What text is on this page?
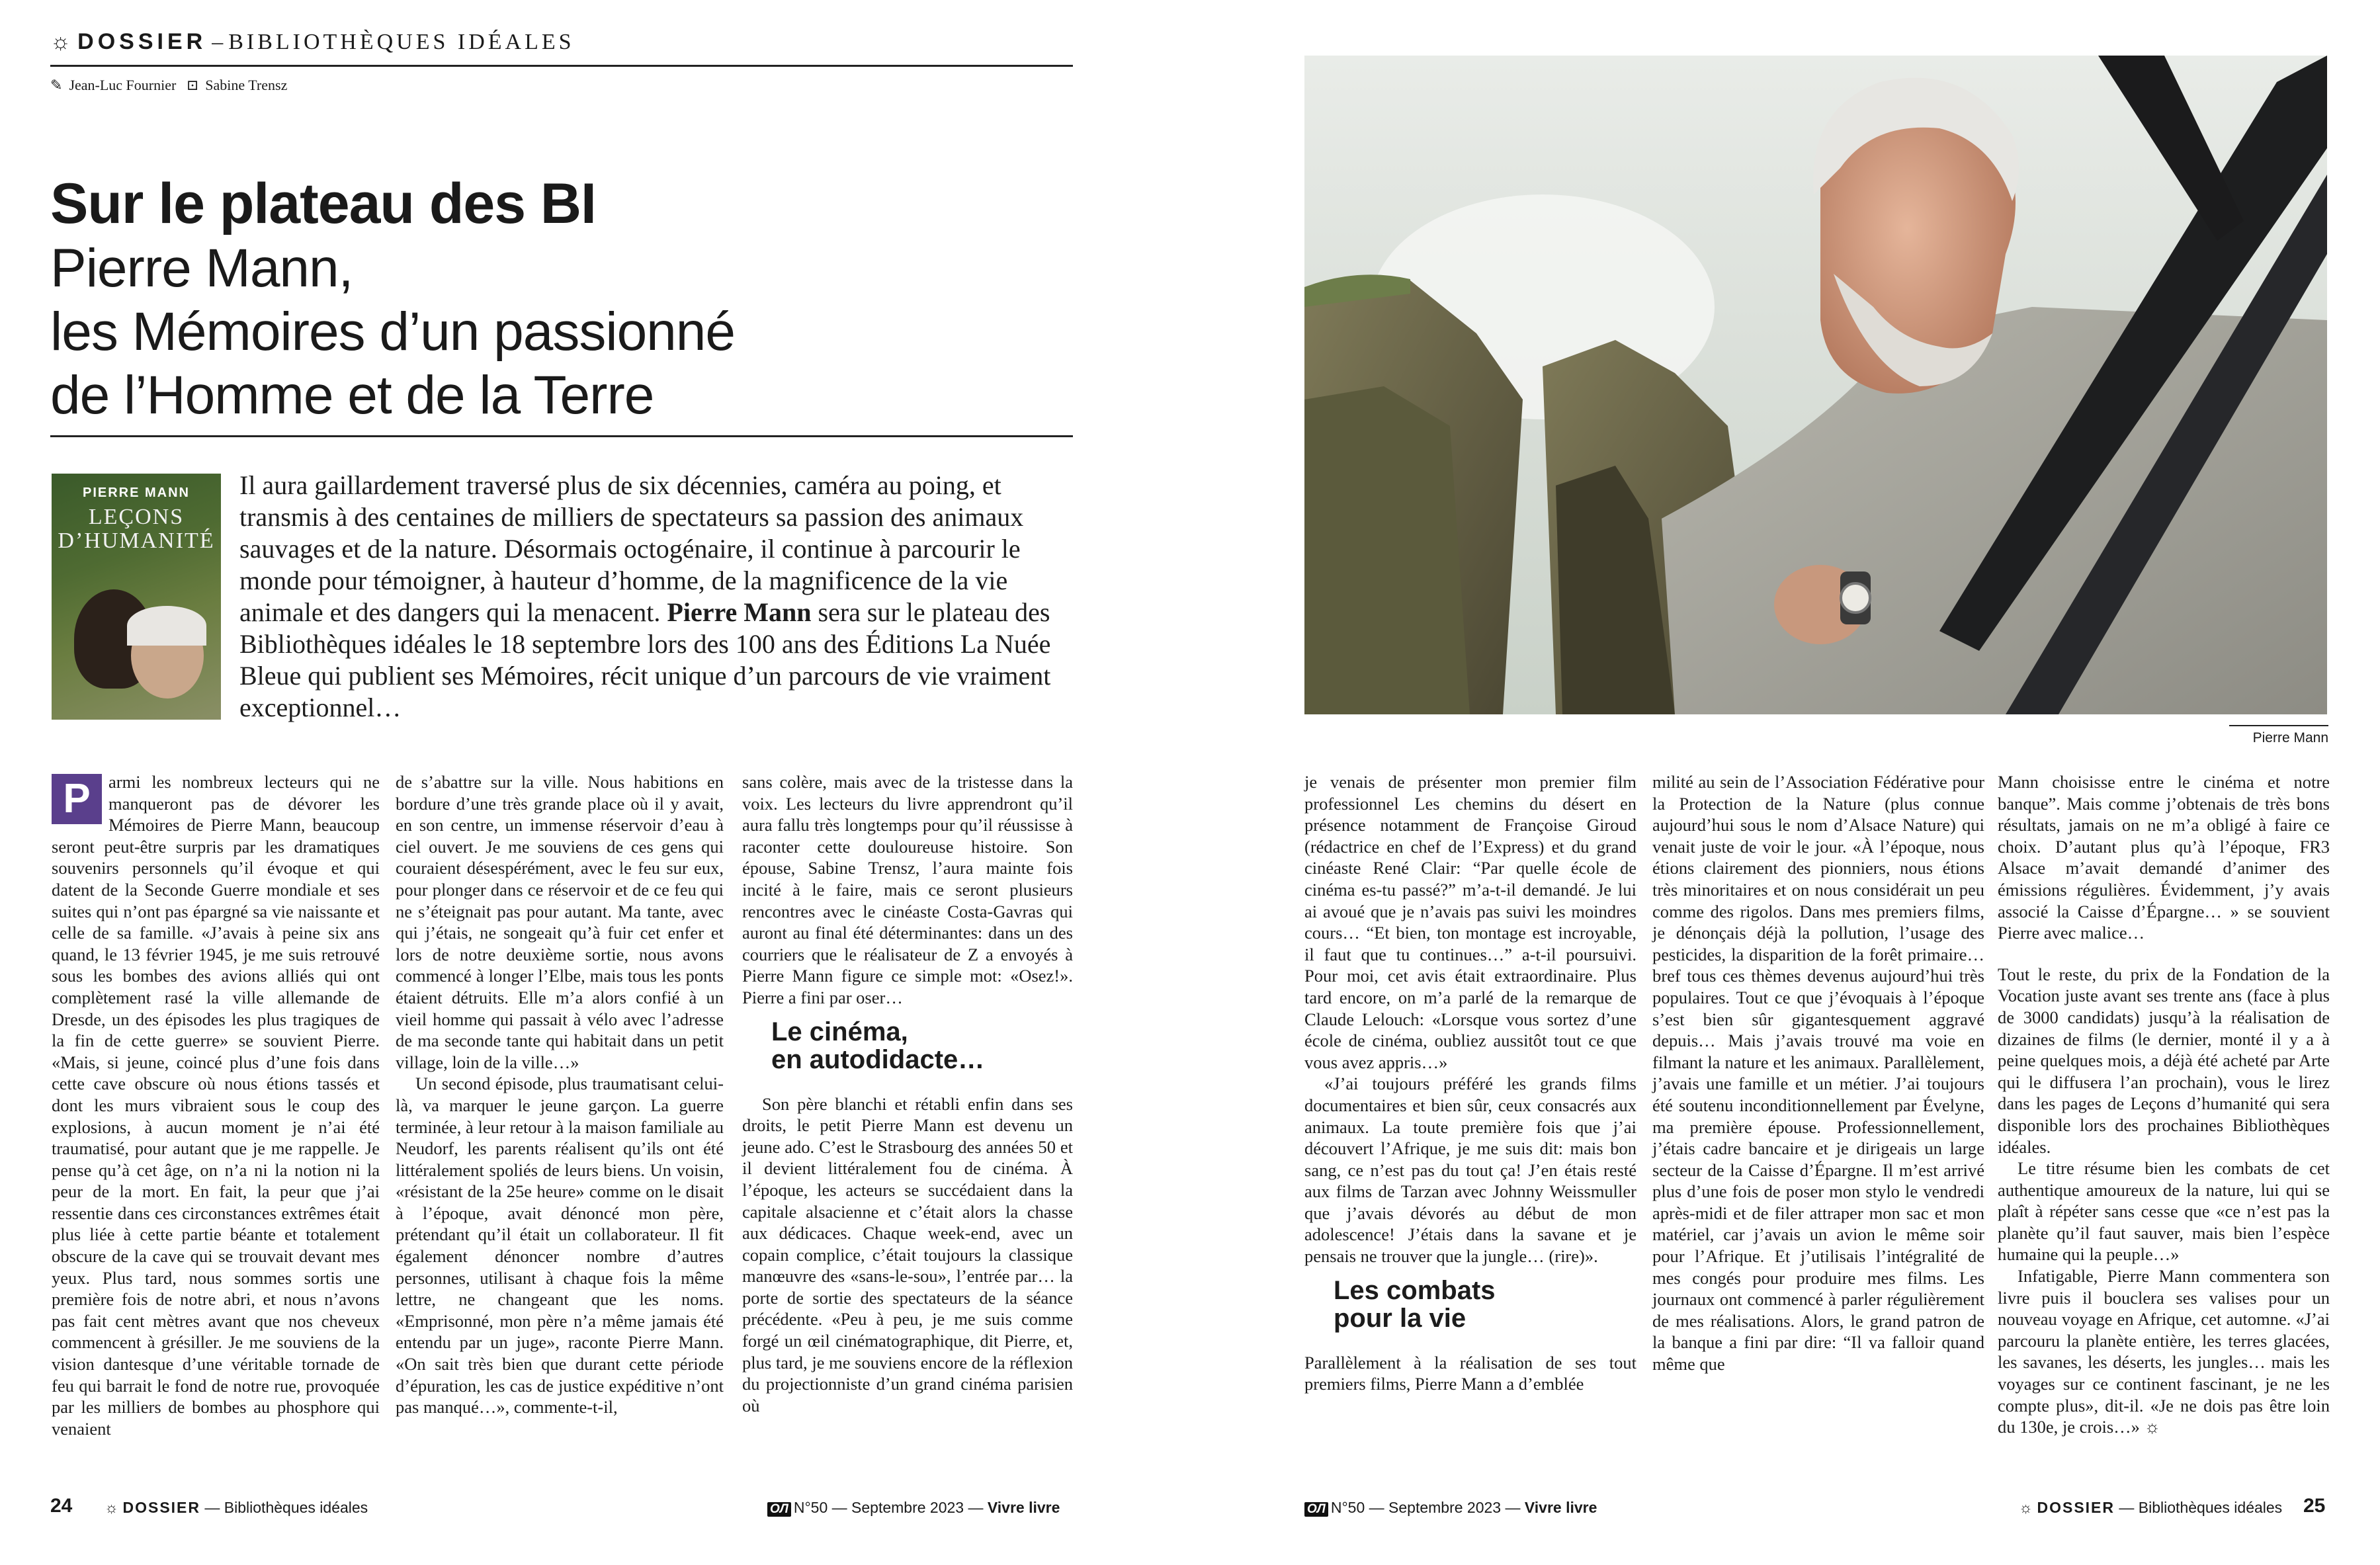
☼ DOSSIER – BIBLIOTHÈQUES IDÉALES
✎ Jean-Luc Fournier ⊡ Sabine Trensz
Sur le plateau des BI
Pierre Mann,
les Mémoires d’un passionné
de l’Homme et de la Terre
PIERRE MANN
LEÇONS
D’HUMANITÉ
Il aura gaillardement traversé plus de six décennies, caméra au poing, et transmis à des centaines de milliers de spectateurs sa passion des animaux sauvages et de la nature. Désormais octogénaire, il continue à parcourir le monde pour témoigner, à hauteur d’homme, de la magnificence de la vie animale et des dangers qui la menacent. Pierre Mann sera sur le plateau des Bibliothèques idéales le 18 septembre lors des 100 ans des Éditions La Nuée Bleue qui publient ses Mémoires, récit unique d’un parcours de vie vraiment exceptionnel…

P	armi les nombreux lecteurs qui ne manqueront pas de dévorer les Mémoires de Pierre Mann, beaucoup seront peut-être surpris par les dramatiques souvenirs personnels qu’il évoque et qui datent de la Seconde Guerre mondiale et ses suites qui n’ont pas épargné sa vie naissante et celle de sa famille. «J’avais à peine six ans quand, le 13 février 1945, je me suis retrouvé sous les bombes des avions alliés qui ont complètement rasé la ville allemande de Dresde, un des épisodes les plus tragiques de la fin de cette guerre» se souvient Pierre. «Mais, si jeune, coincé plus d’une fois dans cette cave obscure où nous étions tassés et dont les murs vibraient sous le coup des explosions, à aucun moment je n’ai été traumatisé, pour autant que je me rappelle. Je pense qu’à cet âge, on n’a ni la notion ni la peur de la mort. En fait, la peur que j’ai ressentie dans ces circonstances extrêmes était plus liée à cette partie béante et totalement obscure de la cave qui se trouvait devant mes yeux. Plus tard, nous sommes sortis une première fois de notre abri, et nous n’avons pas fait cent mètres avant que nos cheveux commencent à grésiller. Je me souviens de la vision dantesque d’une véritable tornade de feu qui barrait le fond de notre rue, provoquée par les milliers de bombes au phosphore qui venaient

de s’abattre sur la ville. Nous habitions en bordure d’une très grande place où il y avait, en son centre, un immense réservoir d’eau à ciel ouvert. Je me souviens de ces gens qui couraient désespérément, avec le feu sur eux, pour plonger dans ce réservoir et de ce feu qui ne s’éteignait pas pour autant. Ma tante, avec qui j’étais, ne songeait qu’à fuir cet enfer et lors de notre deuxième sortie, nous avons commencé à longer l’Elbe, mais tous les ponts étaient détruits. Elle m’a alors confié à un vieil homme qui passait à vélo avec l’adresse de ma seconde tante qui habitait dans un petit village, loin de la ville…»

Un second épisode, plus traumatisant celui-là, va marquer le jeune garçon. La guerre terminée, à leur retour à la maison familiale au Neudorf, les parents réalisent qu’ils ont été littéralement spoliés de leurs biens. Un voisin, «résistant de la 25e heure» comme on le disait à l’époque, avait dénoncé mon père, prétendant qu’il était un collaborateur. Il fit également dénoncer nombre d’autres personnes, utilisant à chaque fois la même lettre, ne changeant que les noms. «Emprisonné, mon père n’a même jamais été entendu par un juge», raconte Pierre Mann. «On sait très bien que durant cette période d’épuration, les cas de justice expéditive n’ont pas manqué…», commente-t-il,

sans colère, mais avec de la tristesse dans la voix. Les lecteurs du livre apprendront qu’il aura fallu très longtemps pour qu’il réussisse à raconter cette douloureuse histoire. Son épouse, Sabine Trensz, l’aura mainte fois incité à le faire, mais ce seront plusieurs rencontres avec le cinéaste Costa-Gavras qui auront au final été déterminantes: dans un des courriers que le réalisateur de Z a envoyés à Pierre Mann figure ce simple mot: «Osez!». Pierre a fini par oser…

Le cinéma,
en autodidacte…

Son père blanchi et rétabli enfin dans ses droits, le petit Pierre Mann est devenu un jeune ado. C’est le Strasbourg des années 50 et il devient littéralement fou de cinéma. À l’époque, les acteurs se succédaient dans la capitale alsacienne et c’était alors la chasse aux dédicaces. Chaque week-end, avec un copain complice, c’était toujours la classique manœuvre des «sans-le-sou», l’entrée par… la porte de sortie des spectateurs de la séance précédente. «Peu à peu, je me suis comme forgé un œil cinématographique, dit Pierre, et, plus tard, je me souviens encore de la réflexion du projectionniste d’un grand cinéma parisien où

24 ☼ DOSSIER — Bibliothèques idéales	OЛ N°50 — Septembre 2023 — Vivre livre
Pierre Mann

je venais de présenter mon premier film professionnel Les chemins du désert en présence notamment de Françoise Giroud (rédactrice en chef de l’Express) et du grand cinéaste René Clair: “Par quelle école de cinéma es-tu passé?” m’a-t-il demandé. Je lui ai avoué que je n’avais pas suivi les moindres cours… “Et bien, ton montage est incroyable, il faut que tu continues…” a-t-il poursuivi. Pour moi, cet avis était extraordinaire. Plus tard encore, on m’a parlé de la remarque de Claude Lelouch: «Lorsque vous sortez d’une école de cinéma, oubliez aussitôt tout ce que vous avez appris…»

«J’ai toujours préféré les grands films documentaires et bien sûr, ceux consacrés aux animaux. La toute première fois que j’ai découvert l’Afrique, je me suis dit: mais bon sang, ce n’est pas du tout ça! J’en étais resté aux films de Tarzan avec Johnny Weissmuller que j’avais dévorés au début de mon adolescence! J’étais dans la savane et je pensais ne trouver que la jungle… (rire)».

Les combats
pour la vie

Parallèlement à la réalisation de ses tout premiers films, Pierre Mann a d’emblée

milité au sein de l’Association Fédérative pour la Protection de la Nature (plus connue aujourd’hui sous le nom d’Alsace Nature) qui venait juste de voir le jour. «À l’époque, nous étions clairement des pionniers, nous étions très minoritaires et on nous considérait un peu comme des rigolos. Dans mes premiers films, je dénonçais déjà la pollution, l’usage des pesticides, la disparition de la forêt primaire… bref tous ces thèmes devenus aujourd’hui très populaires. Tout ce que j’évoquais à l’époque s’est bien sûr gigantesquement aggravé depuis… Mais j’avais trouvé ma voie en filmant la nature et les animaux. Parallèlement, j’avais une famille et un métier. J’ai toujours été soutenu inconditionnellement par Évelyne, ma première épouse. Professionnellement, j’étais cadre bancaire et je dirigeais un large secteur de la Caisse d’Épargne. Il m’est arrivé plus d’une fois de poser mon stylo le vendredi après-midi et de filer attraper mon sac et mon matériel, car j’avais un avion le même soir pour l’Afrique. Et j’utilisais l’intégralité de mes congés pour produire mes films. Les journaux ont commencé à parler régulièrement de mes réalisations. Alors, le grand patron de la banque a fini par dire: “Il va falloir quand même que

Mann choisisse entre le cinéma et notre banque”. Mais comme j’obtenais de très bons résultats, jamais on ne m’a obligé à faire ce choix. D’autant plus qu’à l’époque, FR3 Alsace m’avait demandé d’animer des émissions régulières. Évidemment, j’y avais associé la Caisse d’Épargne… » se souvient Pierre avec malice…

Tout le reste, du prix de la Fondation de la Vocation juste avant ses trente ans (face à plus de 3000 candidats) jusqu’à la réalisation de dizaines de films (le dernier, monté il y a à peine quelques mois, a déjà été acheté par Arte qui le diffusera l’an prochain), vous le lirez dans les pages de Leçons d’humanité qui sera disponible lors des prochaines Bibliothèques idéales.

Le titre résume bien les combats de cet authentique amoureux de la nature, lui qui se plaît à répéter sans cesse que «ce n’est pas la planète qu’il faut sauver, mais bien l’espèce humaine qui la peuple…»

Infatigable, Pierre Mann commentera son livre puis il bouclera ses valises pour un nouveau voyage en Afrique, cet automne. «J’ai parcouru la planète entière, les terres glacées, les savanes, les déserts, les jungles… mais les voyages sur ce continent fascinant, je ne les compte plus», dit-il. «Je ne dois pas être loin du 130e, je crois…» ☼

OЛ N°50 — Septembre 2023 — Vivre livre	☼ DOSSIER — Bibliothèques idéales 25
